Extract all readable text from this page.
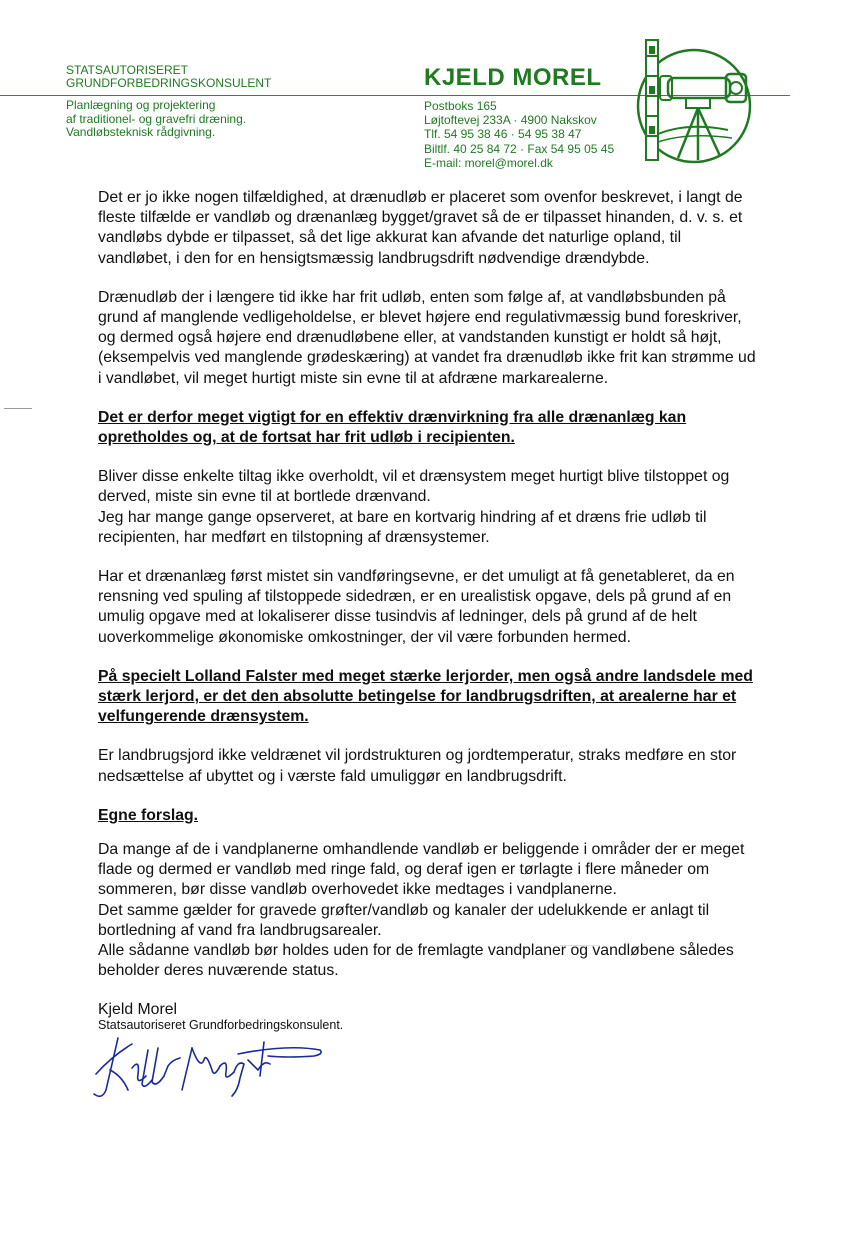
STATSAUTORISERET
GRUNDFORBEDRINGSKONSULENT
Planlægning og projektering
af traditionel- og gravefri dræning.
Vandløbsteknisk rådgivning.
KJELD MOREL
Postboks 165
Løjtoftevej 233A · 4900 Nakskov
Tlf. 54 95 38 46 · 54 95 38 47
Biltlf. 40 25 84 72 · Fax 54 95 05 45
E-mail: morel@morel.dk

Det er jo ikke nogen tilfældighed, at drænudløb er placeret som ovenfor beskrevet, i langt de fleste tilfælde er vandløb og drænanlæg bygget/gravet så de er tilpasset hinanden, d. v. s. et vandløbs dybde er tilpasset, så det lige akkurat kan afvande det naturlige opland, til vandløbet, i den for en hensigtsmæssig landbrugsdrift nødvendige drændybde.

Drænudløb der i længere tid ikke har frit udløb, enten som følge af, at vandløbsbunden på grund af manglende vedligeholdelse, er blevet højere end regulativmæssig bund foreskriver, og dermed også højere end drænudløbene eller, at vandstanden kunstigt er holdt så højt, (eksempelvis ved manglende grødeskæring) at vandet fra drænudløb ikke frit kan strømme ud i vandløbet, vil meget hurtigt miste sin evne til at afdræne markarealerne.

Det er derfor meget vigtigt for en effektiv drænvirkning fra alle drænanlæg kan opretholdes og, at de fortsat har frit udløb i recipienten.

Bliver disse enkelte tiltag ikke overholdt, vil et drænsystem meget hurtigt blive tilstoppet og derved, miste sin evne til at bortlede drænvand.
Jeg har mange gange opserveret, at bare en kortvarig hindring af et dræns frie udløb til recipienten, har medført en tilstopning af drænsystemer.

Har et drænanlæg først mistet sin vandføringsevne, er det umuligt at få genetableret, da en rensning ved spuling af tilstoppede sidedræn, er en urealistisk opgave, dels på grund af en umulig opgave med at lokaliserer disse tusindvis af ledninger, dels på grund af de helt uoverkommelige økonomiske omkostninger, der vil være forbunden hermed.

På specielt Lolland Falster med meget stærke lerjorder, men også andre landsdele med stærk lerjord, er det den absolutte betingelse for landbrugsdriften, at arealerne har et velfungerende drænsystem.

Er landbrugsjord ikke veldrænet vil jordstrukturen og jordtemperatur, straks medføre en stor nedsættelse af ubyttet og i værste fald umuliggør en landbrugsdrift.

Egne forslag.

Da mange af de i vandplanerne omhandlende vandløb er beliggende i områder der er meget flade og dermed er vandløb med ringe fald, og deraf igen er tørlagte i flere måneder om sommeren, bør disse vandløb overhovedet ikke medtages i vandplanerne.
Det samme gælder for gravede grøfter/vandløb og kanaler der udelukkende er anlagt til bortledning af vand fra landbrugsarealer.
Alle sådanne vandløb bør holdes uden for de fremlagte vandplaner og vandløbene således beholder deres nuværende status.

Kjeld Morel
Statsautoriseret Grundforbedringskonsulent.
